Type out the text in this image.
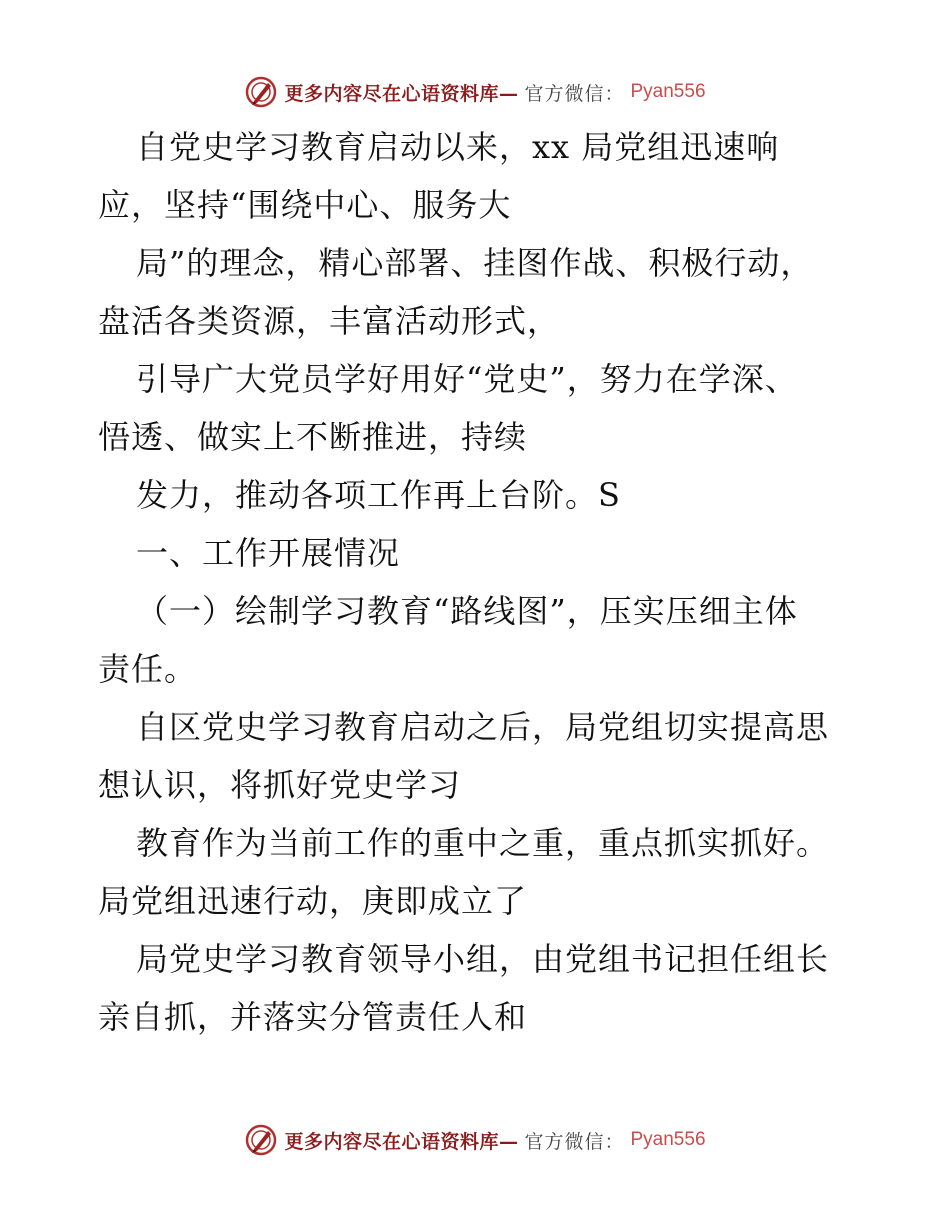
更多内容尽在心语资料库— 官方微信： Pyan556
自党史学习教育启动以来，xx 局党组迅速响
应，坚持“围绕中心、服务大
局”的理念，精心部署、挂图作战、积极行动，
盘活各类资源，丰富活动形式，
引导广大党员学好用好“党史”，努力在学深、
悟透、做实上不断推进，持续
发力，推动各项工作再上台阶。S
一、工作开展情况
（一）绘制学习教育“路线图”，压实压细主体
责任。
自区党史学习教育启动之后，局党组切实提高思
想认识，将抓好党史学习
教育作为当前工作的重中之重，重点抓实抓好。
局党组迅速行动，庚即成立了
局党史学习教育领导小组，由党组书记担任组长
亲自抓，并落实分管责任人和
更多内容尽在心语资料库— 官方微信： Pyan556
